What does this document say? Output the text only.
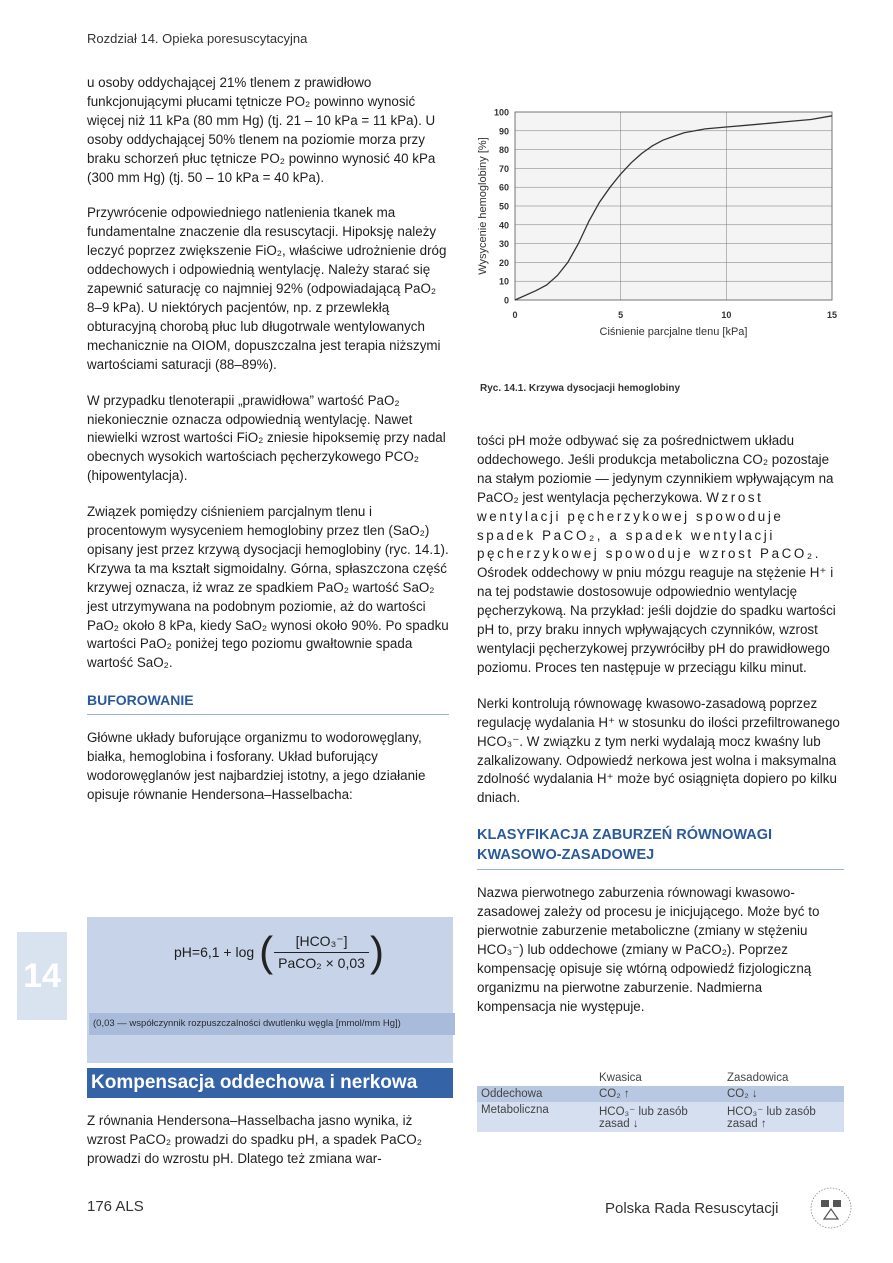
Rozdział 14. Opieka poresuscytacyjna

u osoby oddychającej 21% tlenem z prawidłowo funkcjonującymi płucami tętnicze PO₂ powinno wynosić więcej niż 11 kPa (80 mm Hg) (tj. 21 – 10 kPa = 11 kPa). U osoby oddychającej 50% tlenem na poziomie morza przy braku schorzeń płuc tętnicze PO₂ powinno wynosić 40 kPa (300 mm Hg) (tj. 50 – 10 kPa = 40 kPa).

Przywrócenie odpowiedniego natlenienia tkanek ma fundamentalne znaczenie dla resuscytacji. Hipoksję należy leczyć poprzez zwiększenie FiO₂, właściwe udrożnienie dróg oddechowych i odpowiednią wentylację. Należy starać się zapewnić saturację co najmniej 92% (odpowiadającą PaO₂ 8–9 kPa). U niektórych pacjentów, np. z przewlekłą obturacyjną chorobą płuc lub długotrwale wentylowanych mechanicznie na OIOM, dopuszczalna jest terapia niższymi wartościami saturacji (88–89%).

W przypadku tlenoterapii „prawidłowa” wartość PaO₂ niekoniecznie oznacza odpowiednią wentylację. Nawet niewielki wzrost wartości FiO₂ zniesie hipoksemię przy nadal obecnych wysokich wartościach pęcherzykowego PCO₂ (hipowentylacja).

Związek pomiędzy ciśnieniem parcjalnym tlenu i procentowym wysyceniem hemoglobiny przez tlen (SaO₂) opisany jest przez krzywą dysocjacji hemoglobiny (ryc. 14.1). Krzywa ta ma kształt sigmoidalny. Górna, spłaszczona część krzywej oznacza, iż wraz ze spadkiem PaO₂ wartość SaO₂ jest utrzymywana na podobnym poziomie, aż do wartości PaO₂ około 8 kPa, kiedy SaO₂ wynosi około 90%. Po spadku wartości PaO₂ poniżej tego poziomu gwałtownie spada wartość SaO₂.

BUFOROWANIE

Główne układy buforujące organizmu to wodorowęglany, białka, hemoglobina i fosforany. Układ buforujący wodorowęglanów jest najbardziej istotny, a jego działanie opisuje równanie Hendersona–Hasselbacha:

pH=6,1 + log	(	[HCO₃⁻]	)
PaCO₂ × 0,03
(0,03 — współczynnik rozpuszczalności dwutlenku węgla [mmol/mm Hg])
Kompensacja oddechowa i nerkowa
Z równania Hendersona–Hasselbacha jasno wynika, iż wzrost PaCO₂ prowadzi do spadku pH, a spadek PaCO₂ prowadzi do wzrostu pH. Dlatego też zmiana war-
0
10
20
30
40
50
60
70
80
90
100
0	5	10	15
Ciśnienie parcjalne tlenu [kPa]
Wysycenie hemoglobiny [%]
Ryc. 14.1. Krzywa dysocjacji hemoglobiny

tości pH może odbywać się za pośrednictwem układu oddechowego. Jeśli produkcja metaboliczna CO₂ pozostaje na stałym poziomie — jedynym czynnikiem wpływającym na PaCO₂ jest wentylacja pęcherzykowa. Wzrost wentylacji pęcherzykowej spowoduje spadek PaCO₂, a spadek wentylacji pęcherzykowej spowoduje wzrost PaCO₂. Ośrodek oddechowy w pniu mózgu reaguje na stężenie H⁺ i na tej podstawie dostosowuje odpowiednio wentylację pęcherzykową. Na przykład: jeśli dojdzie do spadku wartości pH to, przy braku innych wpływających czynników, wzrost wentylacji pęcherzykowej przywróciłby pH do prawidłowego poziomu. Proces ten następuje w przeciągu kilku minut.

Nerki kontrolują równowagę kwasowo-zasadową poprzez regulację wydalania H⁺ w stosunku do ilości przefiltrowanego HCO₃⁻. W związku z tym nerki wydalają mocz kwaśny lub zalkalizowany. Odpowiedź nerkowa jest wolna i maksymalna zdolność wydalania H⁺ może być osiągnięta dopiero po kilku dniach.

KLASYFIKACJA ZABURZEŃ RÓWNOWAGI KWASOWO-ZASADOWEJ

Nazwa pierwotnego zaburzenia równowagi kwasowo-zasadowej zależy od procesu je inicjującego. Może być to pierwotnie zaburzenie metaboliczne (zmiany w stężeniu HCO₃⁻) lub oddechowe (zmiany w PaCO₂). Poprzez kompensację opisuje się wtórną odpowiedź fizjologiczną organizmu na pierwotne zaburzenie. Nadmierna kompensacja nie występuje.

	Kwasica	Zasadowica
Oddechowa	CO₂ ↑	CO₂ ↓
Metaboliczna	HCO₃⁻ lub zasób zasad ↓	HCO₃⁻ lub zasób zasad ↑
14
176 ALS	Polska Rada Resuscytacji
